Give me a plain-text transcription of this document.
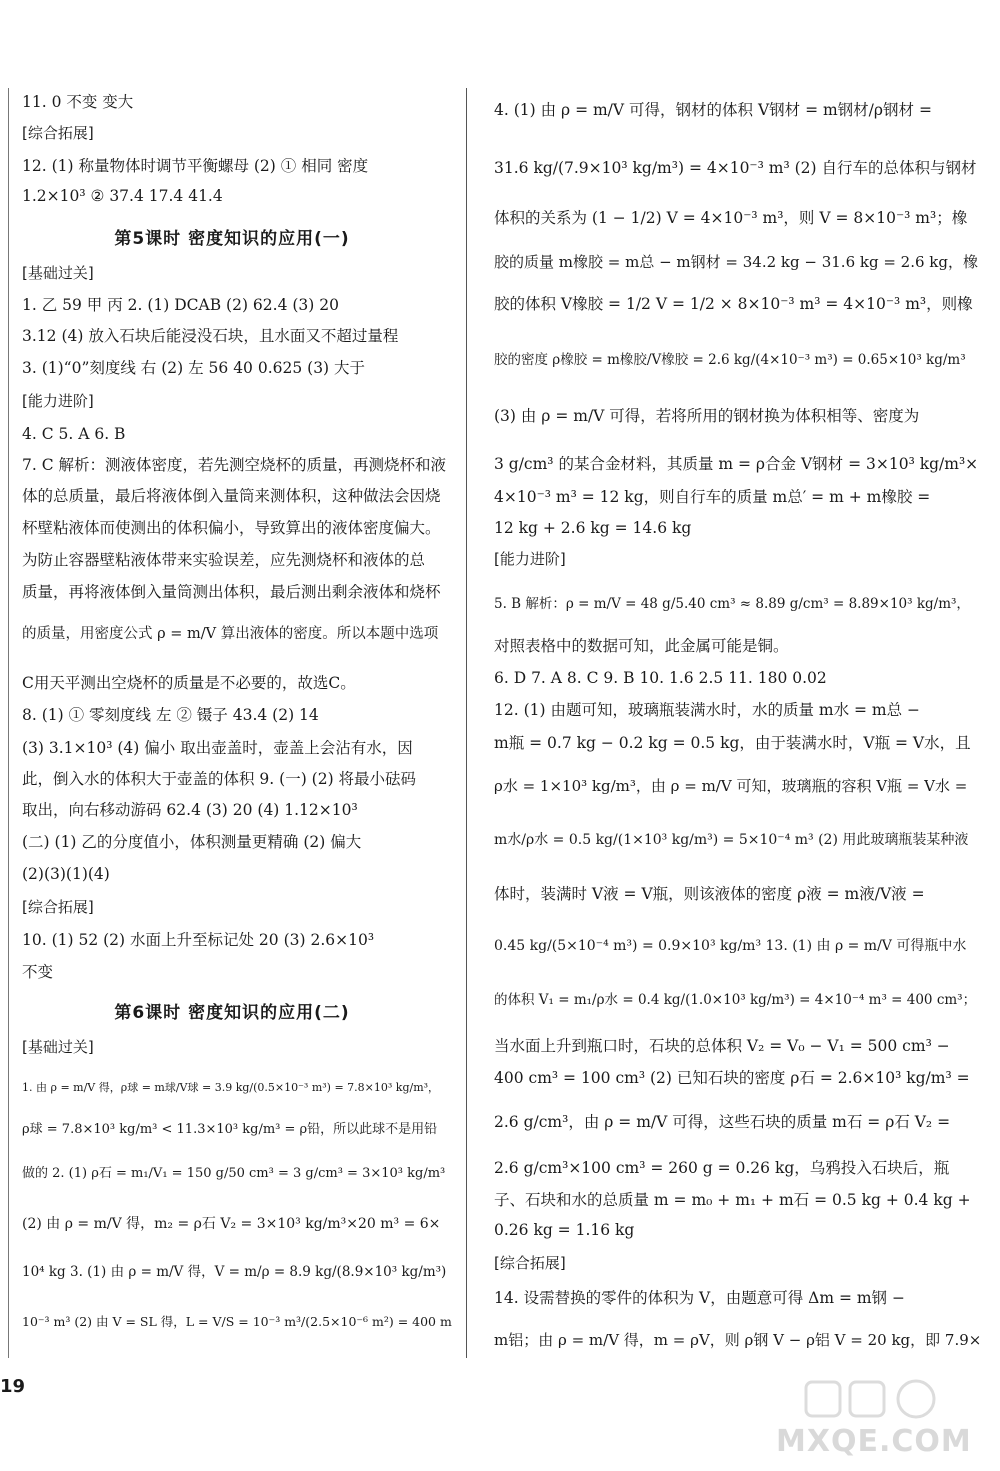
11. 0 不变 变大
[综合拓展]
12. (1) 称量物体时调节平衡螺母 (2) ① 相同 密度
1.2×10³ ② 37.4 17.4 41.4
第5课时 密度知识的应用(一)
[基础过关]
1. 乙 59 甲 丙 2. (1) DCAB (2) 62.4 (3) 20
3.12 (4) 放入石块后能浸没石块，且水面又不超过量程
3. (1)“0”刻度线 右 (2) 左 56 40 0.625 (3) 大于
[能力进阶]
4. C 5. A 6. B
7. C 解析：测液体密度，若先测空烧杯的质量，再测烧杯和液
体的总质量，最后将液体倒入量筒来测体积，这种做法会因烧
杯壁粘液体而使测出的体积偏小，导致算出的液体密度偏大。
为防止容器壁粘液体带来实验误差，应先测烧杯和液体的总
质量，再将液体倒入量筒测出体积，最后测出剩余液体和烧杯
的质量，用密度公式 ρ = m/V 算出液体的密度。所以本题中选项
C用天平测出空烧杯的质量是不必要的，故选C。
8. (1) ① 零刻度线 左 ② 镊子 43.4 (2) 14
(3) 3.1×10³ (4) 偏小 取出壶盖时，壶盖上会沾有水，因
此，倒入水的体积大于壶盖的体积 9. (一) (2) 将最小砝码
取出，向右移动游码 62.4 (3) 20 (4) 1.12×10³
(二) (1) 乙的分度值小，体积测量更精确 (2) 偏大
(2)(3)(1)(4)
[综合拓展]
10. (1) 52 (2) 水面上升至标记处 20 (3) 2.6×10³
不变
第6课时 密度知识的应用(二)
[基础过关]
1. 由 ρ = m/V 得，ρ球 = m球/V球 = 3.9 kg/(0.5×10⁻³ m³) = 7.8×10³ kg/m³，
ρ球 = 7.8×10³ kg/m³ < 11.3×10³ kg/m³ = ρ铅，所以此球不是用铅
做的 2. (1) ρ石 = m₁/V₁ = 150 g/50 cm³ = 3 g/cm³ = 3×10³ kg/m³
(2) 由 ρ = m/V 得，m₂ = ρ石 V₂ = 3×10³ kg/m³×20 m³ = 6×
10⁴ kg 3. (1) 由 ρ = m/V 得，V = m/ρ = 8.9 kg/(8.9×10³ kg/m³)
10⁻³ m³ (2) 由 V = SL 得，L = V/S = 10⁻³ m³/(2.5×10⁻⁶ m²) = 400 m
4. (1) 由 ρ = m/V 可得，钢材的体积 V钢材 = m钢材/ρ钢材 =
31.6 kg/(7.9×10³ kg/m³) = 4×10⁻³ m³ (2) 自行车的总体积与钢材
体积的关系为 (1 − 1/2) V = 4×10⁻³ m³，则 V = 8×10⁻³ m³；橡
胶的质量 m橡胶 = m总 − m钢材 = 34.2 kg − 31.6 kg = 2.6 kg，橡
胶的体积 V橡胶 = 1/2 V = 1/2 × 8×10⁻³ m³ = 4×10⁻³ m³，则橡
胶的密度 ρ橡胶 = m橡胶/V橡胶 = 2.6 kg/(4×10⁻³ m³) = 0.65×10³ kg/m³
(3) 由 ρ = m/V 可得，若将所用的钢材换为体积相等、密度为
3 g/cm³ 的某合金材料，其质量 m = ρ合金 V钢材 = 3×10³ kg/m³×
4×10⁻³ m³ = 12 kg，则自行车的质量 m总′ = m + m橡胶 =
12 kg + 2.6 kg = 14.6 kg
[能力进阶]
5. B 解析：ρ = m/V = 48 g/5.40 cm³ ≈ 8.89 g/cm³ = 8.89×10³ kg/m³，
对照表格中的数据可知，此金属可能是铜。
6. D 7. A 8. C 9. B 10. 1.6 2.5 11. 180 0.02
12. (1) 由题可知，玻璃瓶装满水时，水的质量 m水 = m总 −
m瓶 = 0.7 kg − 0.2 kg = 0.5 kg，由于装满水时，V瓶 = V水，且
ρ水 = 1×10³ kg/m³，由 ρ = m/V 可知，玻璃瓶的容积 V瓶 = V水 =
m水/ρ水 = 0.5 kg/(1×10³ kg/m³) = 5×10⁻⁴ m³ (2) 用此玻璃瓶装某种液
体时，装满时 V液 = V瓶，则该液体的密度 ρ液 = m液/V液 =
0.45 kg/(5×10⁻⁴ m³) = 0.9×10³ kg/m³ 13. (1) 由 ρ = m/V 可得瓶中水
的体积 V₁ = m₁/ρ水 = 0.4 kg/(1.0×10³ kg/m³) = 4×10⁻⁴ m³ = 400 cm³；
当水面上升到瓶口时，石块的总体积 V₂ = V₀ − V₁ = 500 cm³ −
400 cm³ = 100 cm³ (2) 已知石块的密度 ρ石 = 2.6×10³ kg/m³ =
2.6 g/cm³，由 ρ = m/V 可得，这些石块的质量 m石 = ρ石 V₂ =
2.6 g/cm³×100 cm³ = 260 g = 0.26 kg，乌鸦投入石块后，瓶
子、石块和水的总质量 m = m₀ + m₁ + m石 = 0.5 kg + 0.4 kg +
0.26 kg = 1.16 kg
[综合拓展]
14. 设需替换的零件的体积为 V，由题意可得 Δm = m钢 −
m铝；由 ρ = m/V 得，m = ρV，则 ρ钢 V − ρ铝 V = 20 kg，即 7.9×
19
MXQE.COM
